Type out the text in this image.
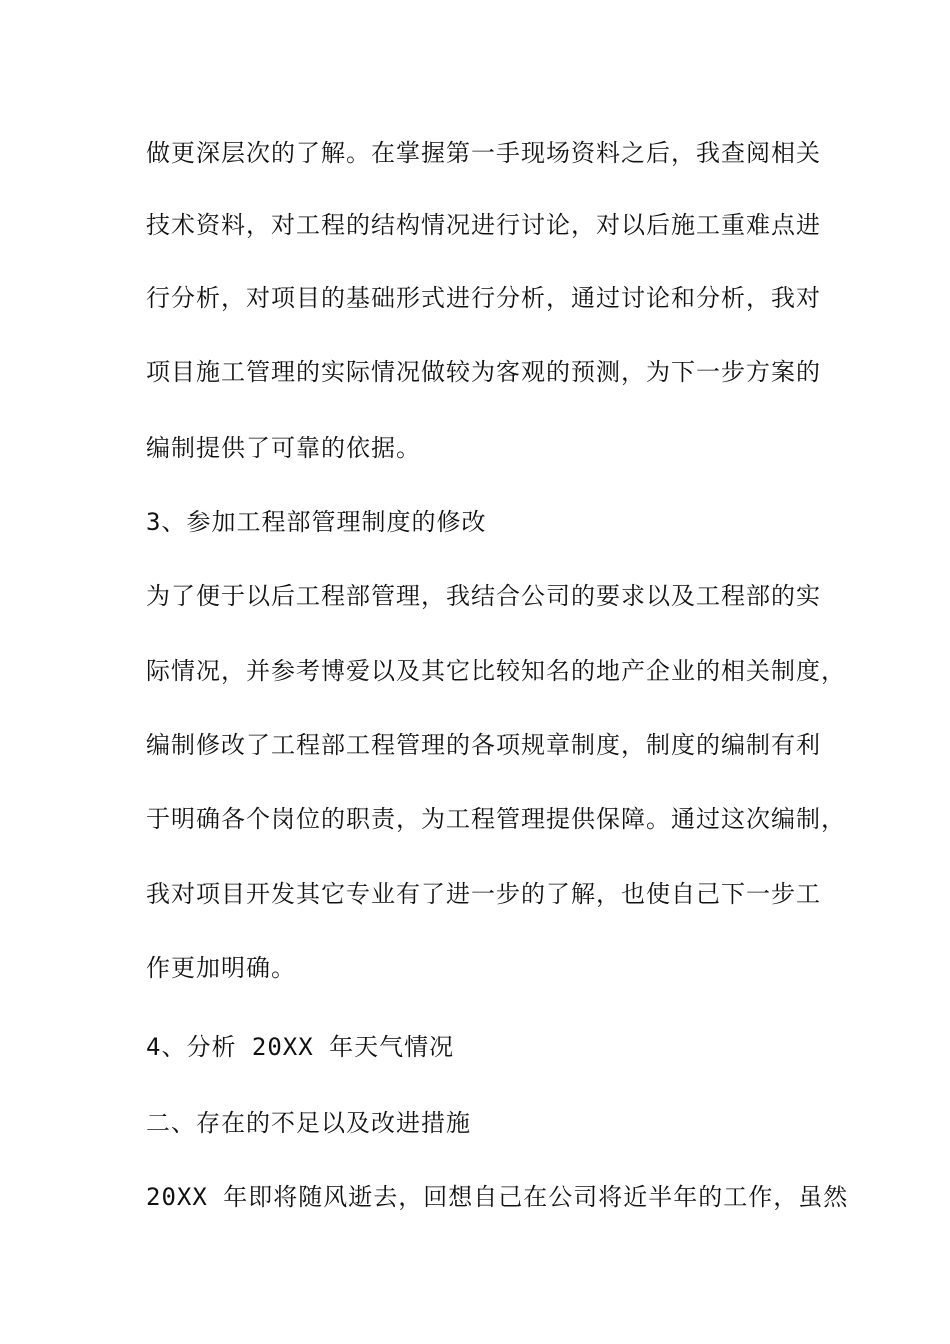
做更深层次的了解。在掌握第一手现场资料之后，我查阅相关

技术资料，对工程的结构情况进行讨论，对以后施工重难点进

行分析，对项目的基础形式进行分析，通过讨论和分析，我对

项目施工管理的实际情况做较为客观的预测，为下一步方案的

编制提供了可靠的依据。

3、参加工程部管理制度的修改

为了便于以后工程部管理，我结合公司的要求以及工程部的实

际情况，并参考博爱以及其它比较知名的地产企业的相关制度，

编制修改了工程部工程管理的各项规章制度，制度的编制有利

于明确各个岗位的职责，为工程管理提供保障。通过这次编制，

我对项目开发其它专业有了进一步的了解，也使自己下一步工

作更加明确。

4、分析 20XX 年天气情况

二、存在的不足以及改进措施

20XX 年即将随风逝去，回想自己在公司将近半年的工作，虽然
